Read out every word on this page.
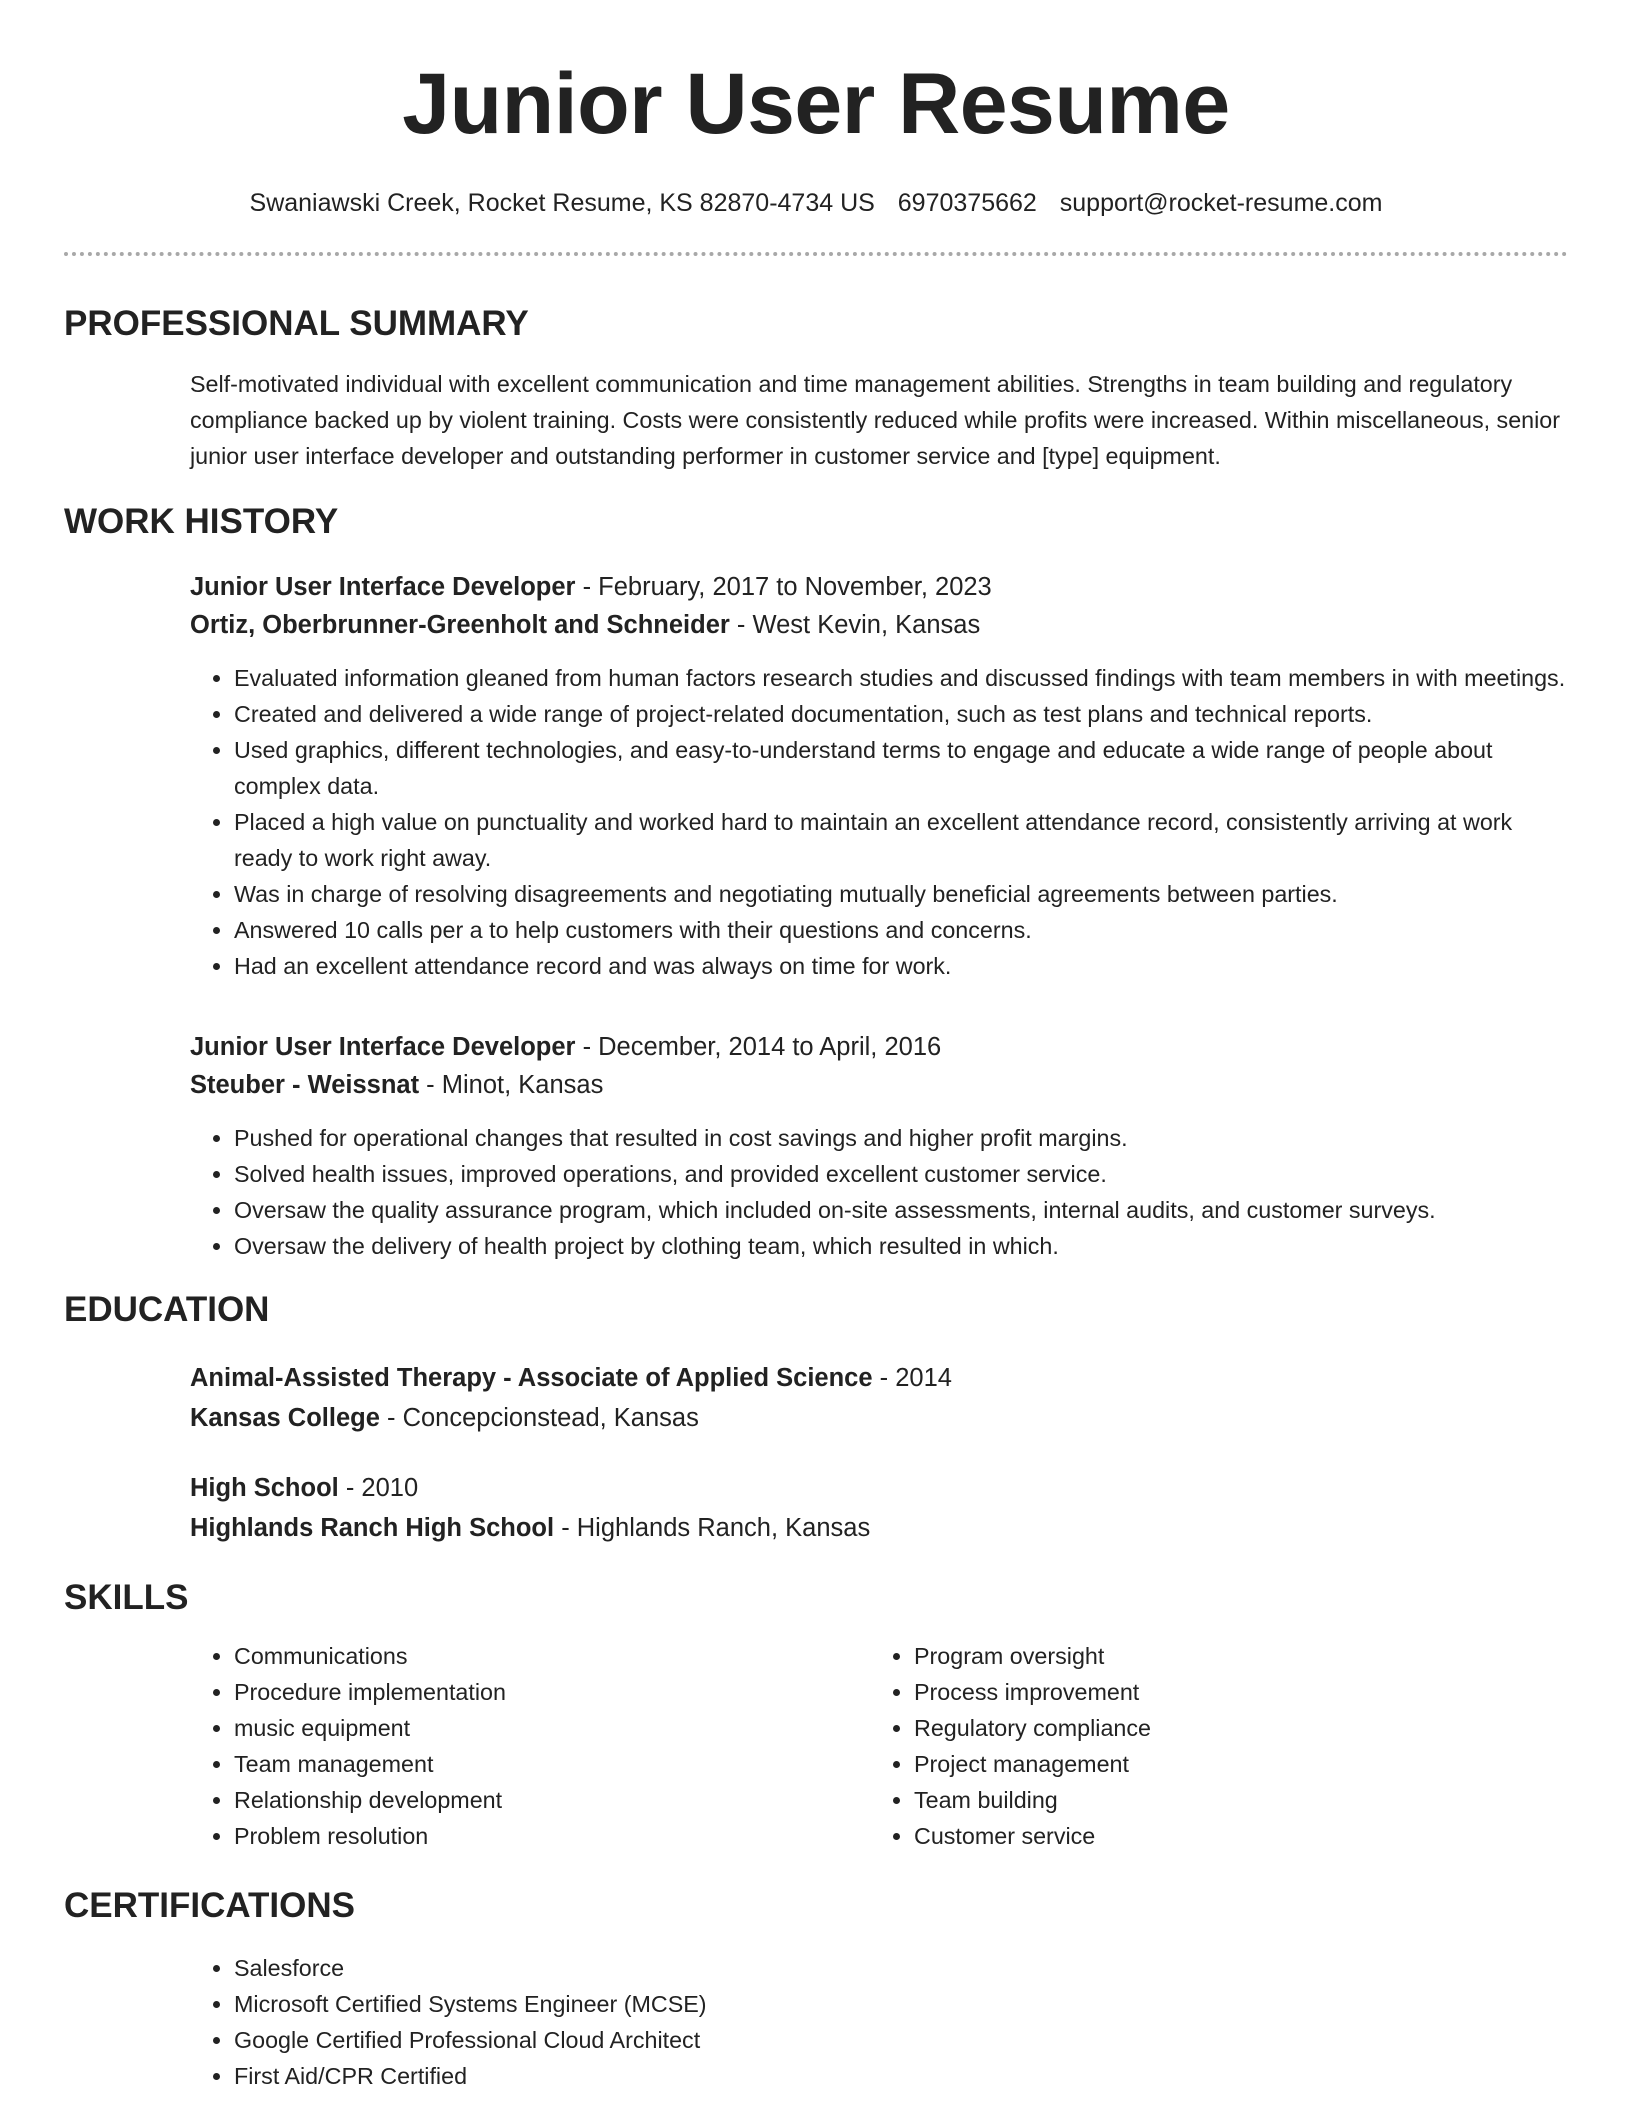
Junior User Resume
Swaniawski Creek, Rocket Resume, KS 82870-4734 US 6970375662 support@rocket-resume.com
PROFESSIONAL SUMMARY
Self-motivated individual with excellent communication and time management abilities. Strengths in team building and regulatory compliance backed up by violent training. Costs were consistently reduced while profits were increased. Within miscellaneous, senior junior user interface developer and outstanding performer in customer service and [type] equipment.
WORK HISTORY
Junior User Interface Developer - February, 2017 to November, 2023
Ortiz, Oberbrunner-Greenholt and Schneider - West Kevin, Kansas
• Evaluated information gleaned from human factors research studies and discussed findings with team members in with meetings.
• Created and delivered a wide range of project-related documentation, such as test plans and technical reports.
• Used graphics, different technologies, and easy-to-understand terms to engage and educate a wide range of people about complex data.
• Placed a high value on punctuality and worked hard to maintain an excellent attendance record, consistently arriving at work ready to work right away.
• Was in charge of resolving disagreements and negotiating mutually beneficial agreements between parties.
• Answered 10 calls per a to help customers with their questions and concerns.
• Had an excellent attendance record and was always on time for work.
Junior User Interface Developer - December, 2014 to April, 2016
Steuber - Weissnat - Minot, Kansas
• Pushed for operational changes that resulted in cost savings and higher profit margins.
• Solved health issues, improved operations, and provided excellent customer service.
• Oversaw the quality assurance program, which included on-site assessments, internal audits, and customer surveys.
• Oversaw the delivery of health project by clothing team, which resulted in which.
EDUCATION
Animal-Assisted Therapy - Associate of Applied Science - 2014
Kansas College - Concepcionstead, Kansas
High School - 2010
Highlands Ranch High School - Highlands Ranch, Kansas
SKILLS
• Communications
• Procedure implementation
• music equipment
• Team management
• Relationship development
• Problem resolution
• Program oversight
• Process improvement
• Regulatory compliance
• Project management
• Team building
• Customer service
CERTIFICATIONS
• Salesforce
• Microsoft Certified Systems Engineer (MCSE)
• Google Certified Professional Cloud Architect
• First Aid/CPR Certified
